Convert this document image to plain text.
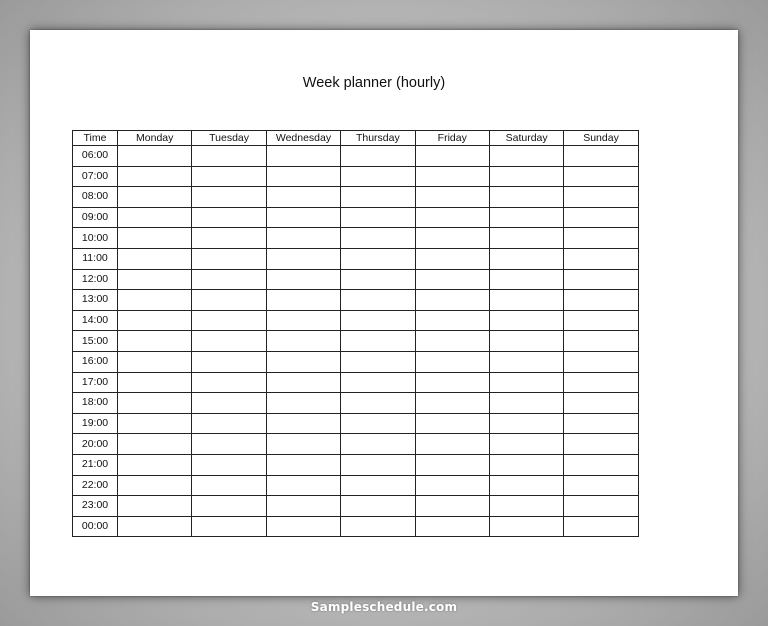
Week planner (hourly)
Time	Monday	Tuesday	Wednesday	Thursday	Friday	Saturday	Sunday
06:00							
07:00							
08:00							
09:00							
10:00							
11:00							
12:00							
13:00							
14:00							
15:00							
16:00							
17:00							
18:00							
19:00							
20:00							
21:00							
22:00							
23:00							
00:00							
Sampleschedule.com
